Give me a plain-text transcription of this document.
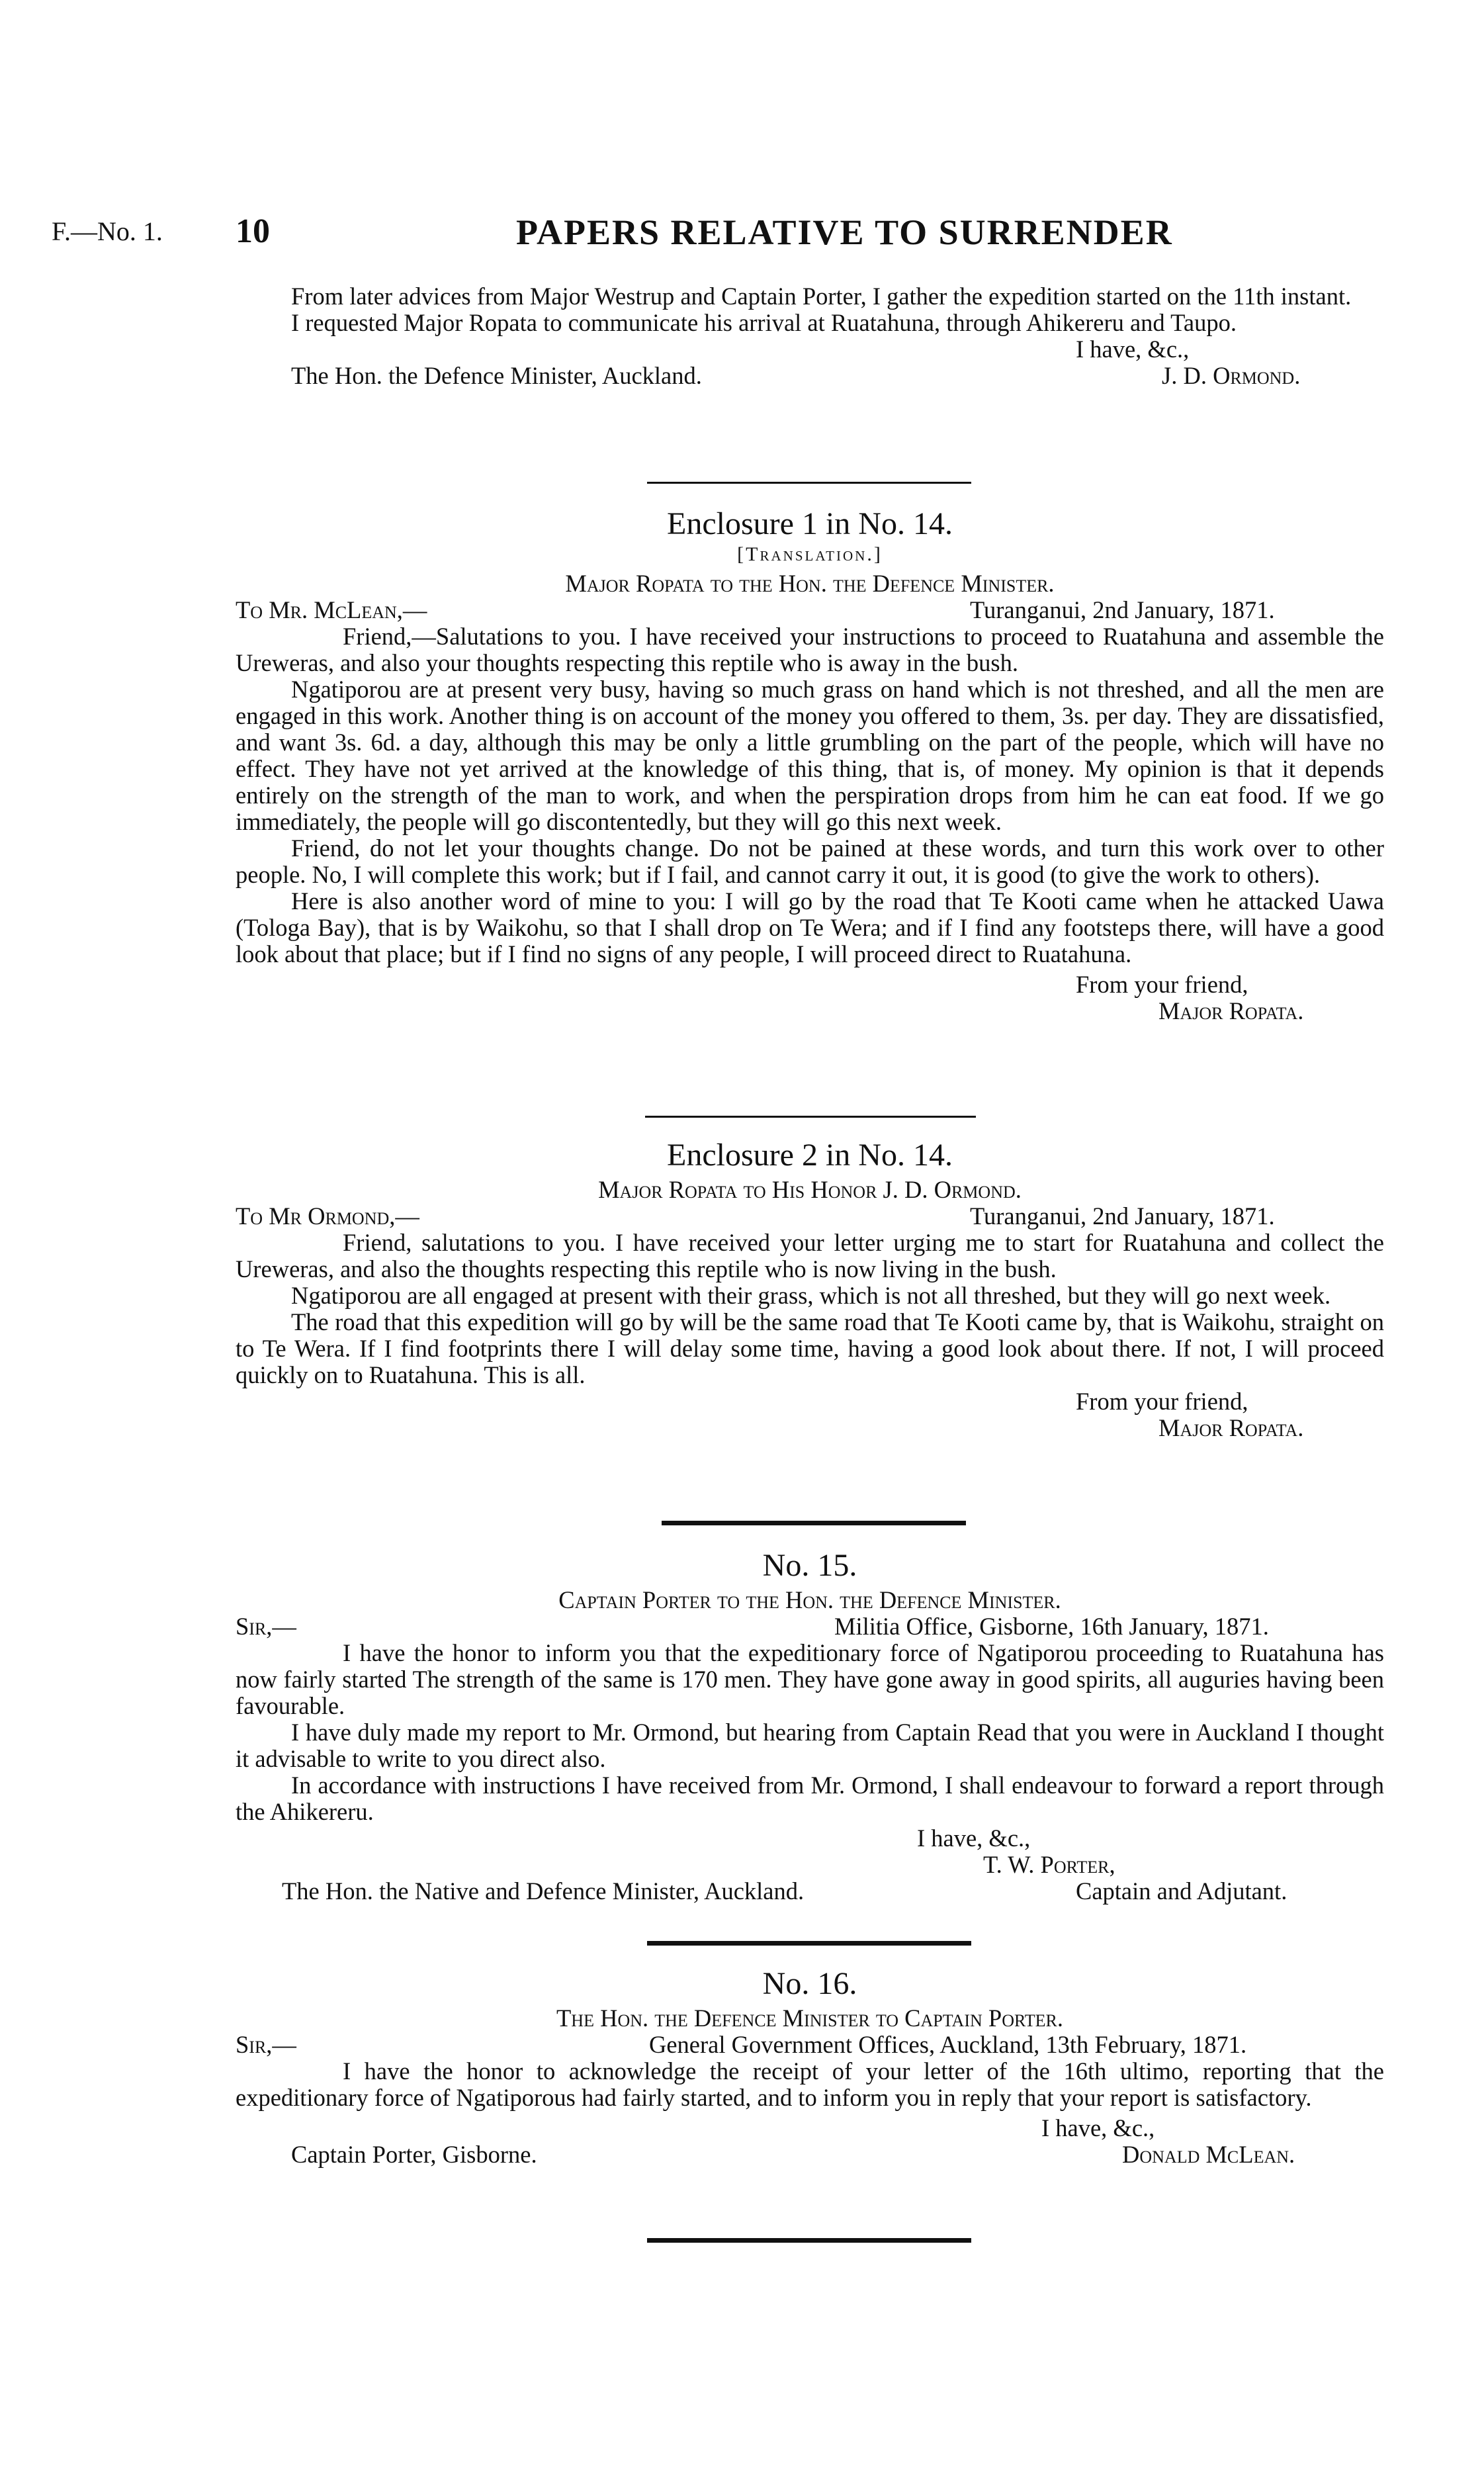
F.—No. 1. 10	PAPERS RELATIVE TO SURRENDER

From later advices from Major Westrup and Captain Porter, I gather the expedition started on the 11th instant.

I requested Major Ropata to communicate his arrival at Ruatahuna, through Ahikereru and Taupo.

I have, &c.,
The Hon. the Defence Minister, Auckland.	J. D. Ormond.
Enclosure 1 in No. 14.
[Translation.]
Major Ropata to the Hon. the Defence Minister.
To Mr. McLean,—	Turanganui, 2nd January, 1871.

Friend,—Salutations to you. I have received your instructions to proceed to Ruatahuna and assemble the Ureweras, and also your thoughts respecting this reptile who is away in the bush.

Ngatiporou are at present very busy, having so much grass on hand which is not threshed, and all the men are engaged in this work. Another thing is on account of the money you offered to them, 3s. per day. They are dissatisfied, and want 3s. 6d. a day, although this may be only a little grumbling on the part of the people, which will have no effect. They have not yet arrived at the knowledge of this thing, that is, of money. My opinion is that it depends entirely on the strength of the man to work, and when the perspiration drops from him he can eat food. If we go immediately, the people will go discontentedly, but they will go this next week.

Friend, do not let your thoughts change. Do not be pained at these words, and turn this work over to other people. No, I will complete this work; but if I fail, and cannot carry it out, it is good (to give the work to others).

Here is also another word of mine to you: I will go by the road that Te Kooti came when he attacked Uawa (Tologa Bay), that is by Waikohu, so that I shall drop on Te Wera; and if I find any footsteps there, will have a good look about that place; but if I find no signs of any people, I will proceed direct to Ruatahuna.

From your friend,
Major Ropata.
Enclosure 2 in No. 14.
Major Ropata to His Honor J. D. Ormond.
To Mr Ormond,—	Turanganui, 2nd January, 1871.

Friend, salutations to you. I have received your letter urging me to start for Ruatahuna and collect the Ureweras, and also the thoughts respecting this reptile who is now living in the bush.

Ngatiporou are all engaged at present with their grass, which is not all threshed, but they will go next week.

The road that this expedition will go by will be the same road that Te Kooti came by, that is Waikohu, straight on to Te Wera. If I find footprints there I will delay some time, having a good look about there. If not, I will proceed quickly on to Ruatahuna. This is all.

From your friend,
Major Ropata.
No. 15.
Captain Porter to the Hon. the Defence Minister.
Sir,—	Militia Office, Gisborne, 16th January, 1871.

I have the honor to inform you that the expeditionary force of Ngatiporou proceeding to Ruatahuna has now fairly started The strength of the same is 170 men. They have gone away in good spirits, all auguries having been favourable.

I have duly made my report to Mr. Ormond, but hearing from Captain Read that you were in Auckland I thought it advisable to write to you direct also.

In accordance with instructions I have received from Mr. Ormond, I shall endeavour to forward a report through the Ahikereru.

I have, &c.,
T. W. Porter,
The Hon. the Native and Defence Minister, Auckland.	Captain and Adjutant.
No. 16.
The Hon. the Defence Minister to Captain Porter.
Sir,—	General Government Offices, Auckland, 13th February, 1871.

I have the honor to acknowledge the receipt of your letter of the 16th ultimo, reporting that the expeditionary force of Ngatiporous had fairly started, and to inform you in reply that your report is satisfactory.

I have, &c.,
Captain Porter, Gisborne.	Donald McLean.
